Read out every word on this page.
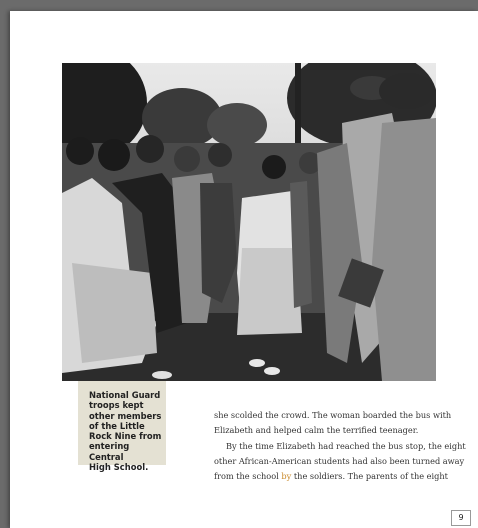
National Guard
troops kept
other members
of the Little
Rock Nine from
entering Central
High School.
she scolded the crowd. The woman boarded the bus with
Elizabeth and helped calm the terrified teenager.
By the time Elizabeth had reached the bus stop, the eight
other African-American students had also been turned away
from the school by the soldiers. The parents of the eight
9
